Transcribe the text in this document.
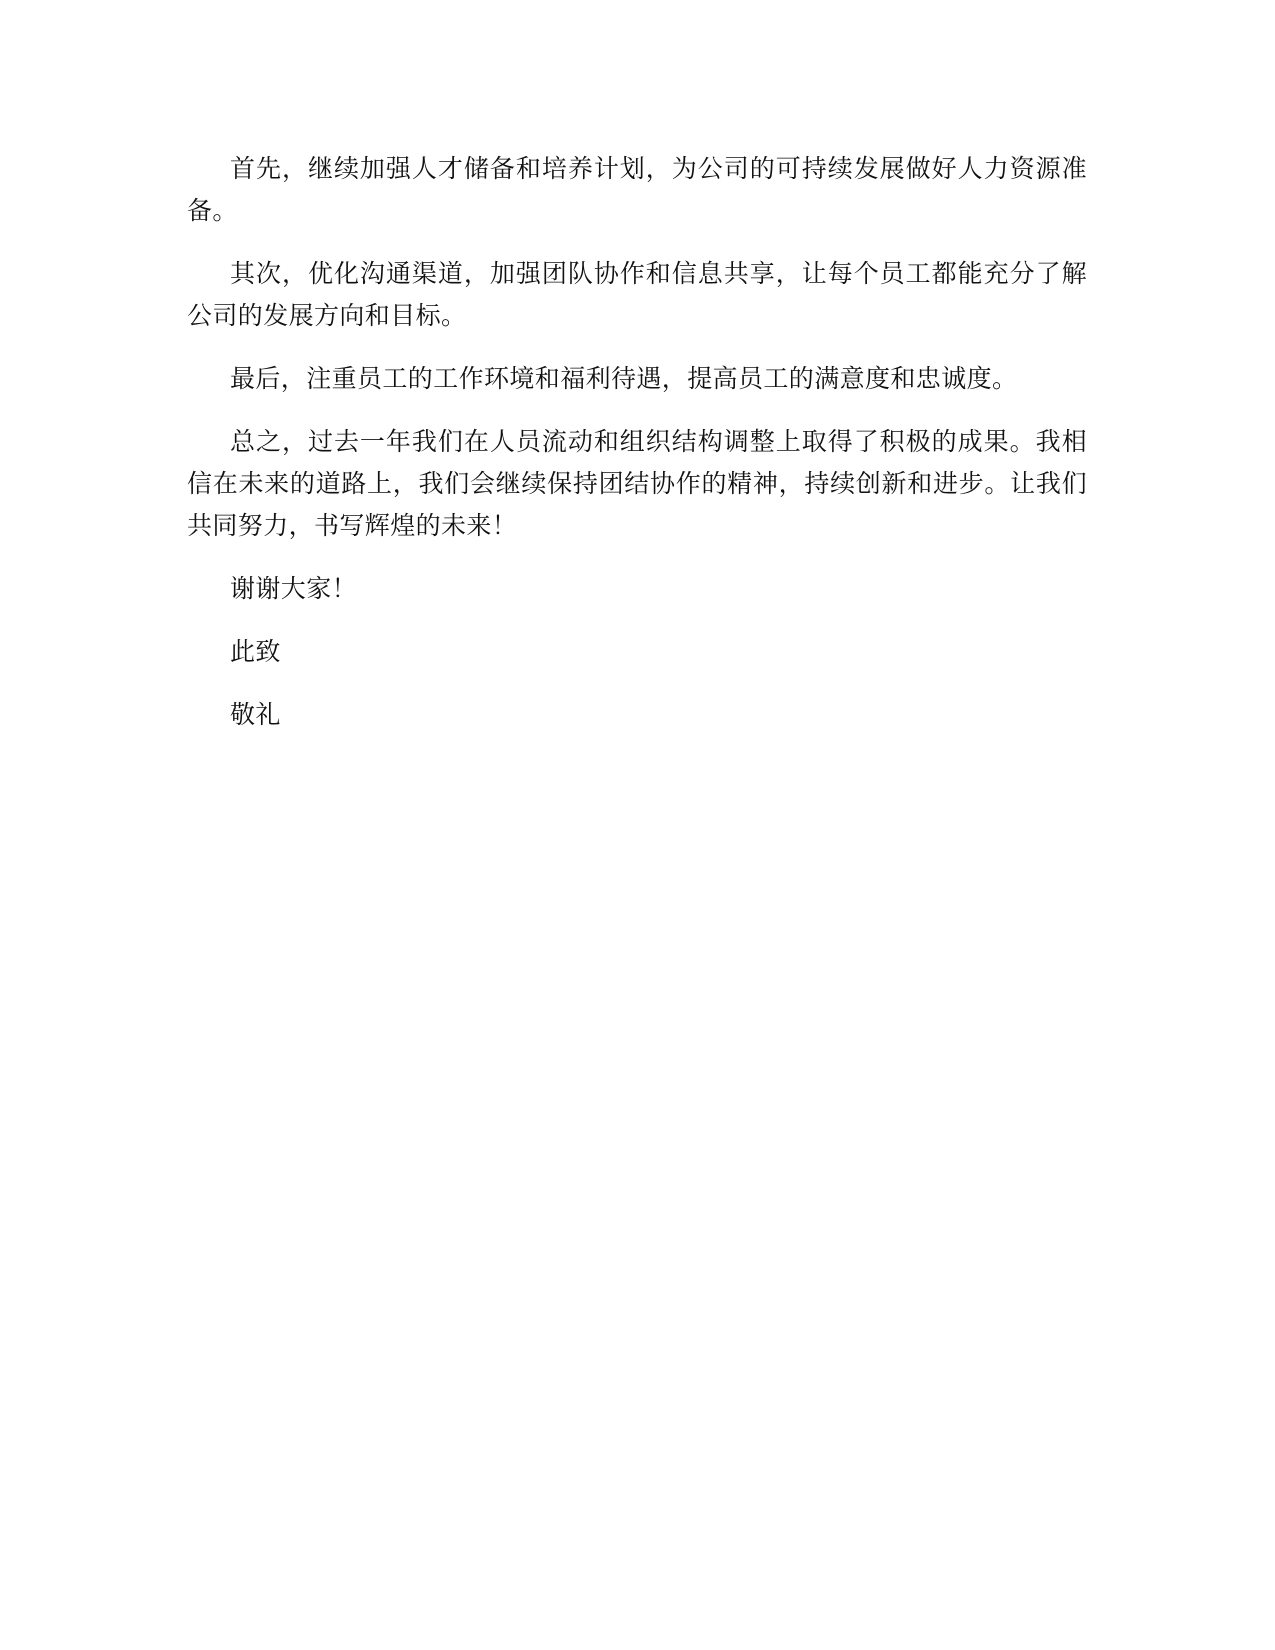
首先，继续加强人才储备和培养计划，为公司的可持续发展做好人力资源准备。

其次，优化沟通渠道，加强团队协作和信息共享，让每个员工都能充分了解公司的发展方向和目标。

最后，注重员工的工作环境和福利待遇，提高员工的满意度和忠诚度。

总之，过去一年我们在人员流动和组织结构调整上取得了积极的成果。我相信在未来的道路上，我们会继续保持团结协作的精神，持续创新和进步。让我们共同努力，书写辉煌的未来！

谢谢大家！

此致

敬礼
